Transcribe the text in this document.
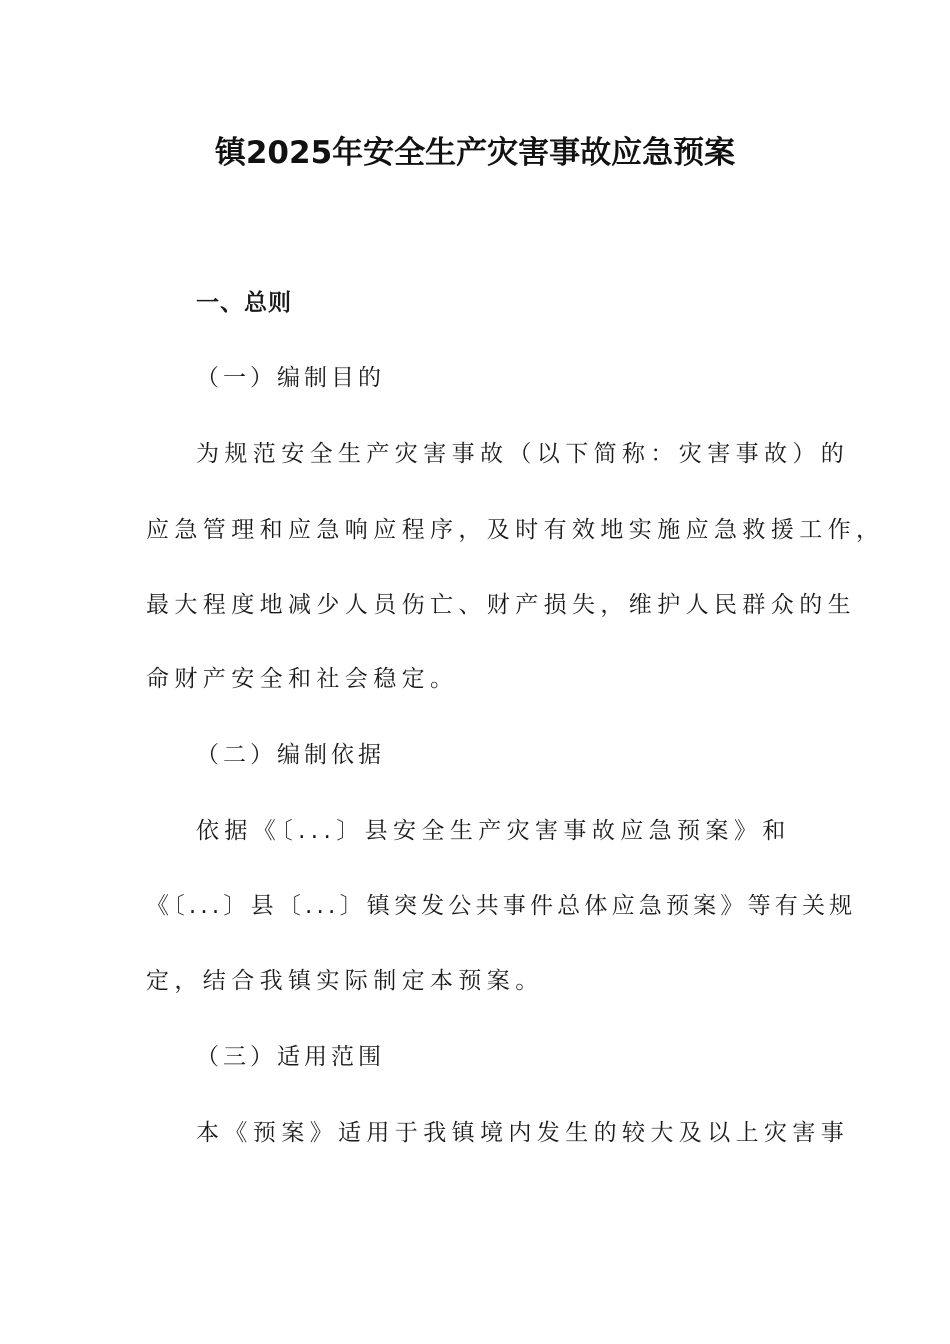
镇2025年安全生产灾害事故应急预案

一、总则

（一）编制目的

为规范安全生产灾害事故（以下简称：灾害事故）的

应急管理和应急响应程序，及时有效地实施应急救援工作，

最大程度地减少人员伤亡、财产损失，维护人民群众的生

命财产安全和社会稳定。

（二）编制依据

依据《〔...〕县安全生产灾害事故应急预案》和

《〔...〕县〔...〕镇突发公共事件总体应急预案》等有关规

定，结合我镇实际制定本预案。

（三）适用范围

本《预案》适用于我镇境内发生的较大及以上灾害事
